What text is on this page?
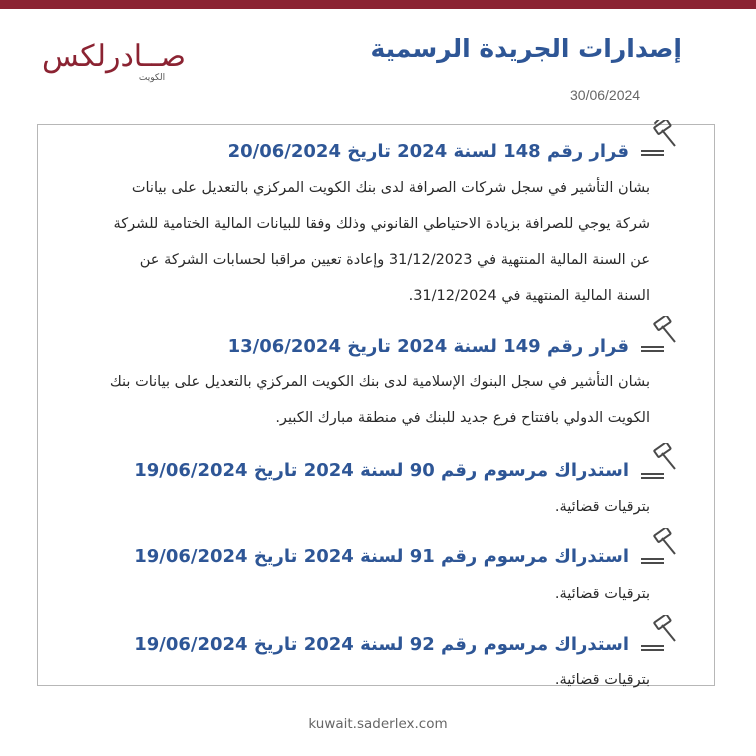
صــادرلكس
الكويت
إصدارات الجريدة الرسمية
30/06/2024
قرار رقم 148 لسنة 2024 تاريخ 20/06/2024
بشان التأشير في سجل شركات الصرافة لدى بنك الكويت المركزي بالتعديل على بيانات
شركة يوجي للصرافة بزيادة الاحتياطي القانوني وذلك وفقا للبيانات المالية الختامية للشركة
عن السنة المالية المنتهية في 31/12/2023 وإعادة تعيين مراقبا لحسابات الشركة عن
السنة المالية المنتهية في 31/12/2024.
قرار رقم 149 لسنة 2024 تاريخ 13/06/2024
بشان التأشير في سجل البنوك الإسلامية لدى بنك الكويت المركزي بالتعديل على بيانات بنك
الكويت الدولي بافتتاح فرع جديد للبنك في منطقة مبارك الكبير.
استدراك مرسوم رقم 90 لسنة 2024 تاريخ 19/06/2024
بترقيات قضائية.
استدراك مرسوم رقم 91 لسنة 2024 تاريخ 19/06/2024
بترقيات قضائية.
استدراك مرسوم رقم 92 لسنة 2024 تاريخ 19/06/2024
بترقيات قضائية.
kuwait.saderlex.com
